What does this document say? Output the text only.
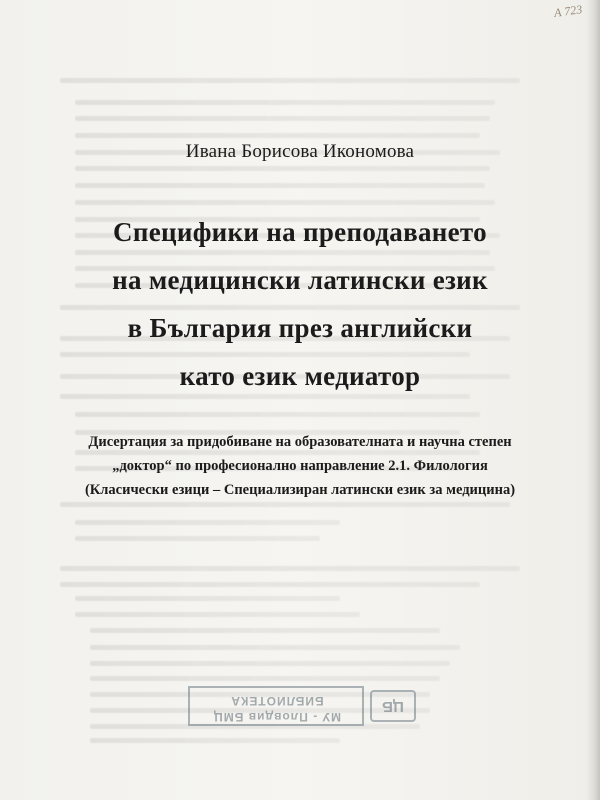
А 723
Ивана Борисова Икономова
Специфики на преподаването
на медицински латински език
в България през английски
като език медиатор
Дисертация за придобиване на образователната и научна степен
„доктор“ по професионално направление 2.1. Филология
(Класически езици – Специализиран латински език за медицина)
ЦБ
МУ - Пловдив БМЦ
БИБЛИОТЕКА
